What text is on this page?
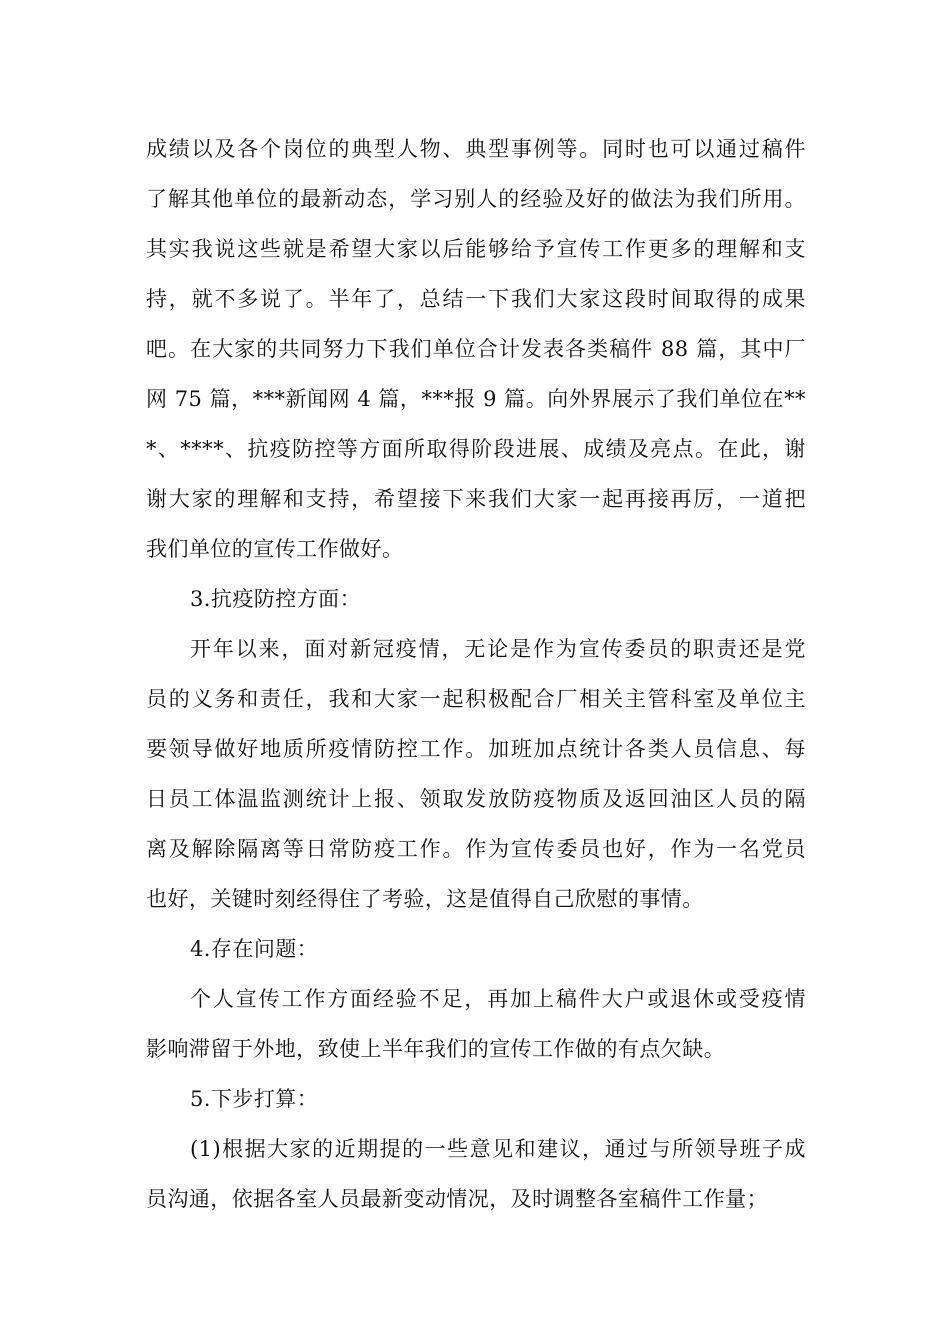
成绩以及各个岗位的典型人物、典型事例等。同时也可以通过稿件
了解其他单位的最新动态，学习别人的经验及好的做法为我们所用。
其实我说这些就是希望大家以后能够给予宣传工作更多的理解和支
持，就不多说了。半年了，总结一下我们大家这段时间取得的成果
吧。在大家的共同努力下我们单位合计发表各类稿件 88 篇，其中厂
网 75 篇，***新闻网 4 篇，***报 9 篇。向外界展示了我们单位在**
*、****、抗疫防控等方面所取得阶段进展、成绩及亮点。在此，谢
谢大家的理解和支持，希望接下来我们大家一起再接再厉，一道把
我们单位的宣传工作做好。
3.抗疫防控方面：
开年以来，面对新冠疫情，无论是作为宣传委员的职责还是党
员的义务和责任，我和大家一起积极配合厂相关主管科室及单位主
要领导做好地质所疫情防控工作。加班加点统计各类人员信息、每
日员工体温监测统计上报、领取发放防疫物质及返回油区人员的隔
离及解除隔离等日常防疫工作。作为宣传委员也好，作为一名党员
也好，关键时刻经得住了考验，这是值得自己欣慰的事情。
4.存在问题：
个人宣传工作方面经验不足，再加上稿件大户或退休或受疫情
影响滞留于外地，致使上半年我们的宣传工作做的有点欠缺。
5.下步打算：
(1)根据大家的近期提的一些意见和建议，通过与所领导班子成
员沟通，依据各室人员最新变动情况，及时调整各室稿件工作量；
